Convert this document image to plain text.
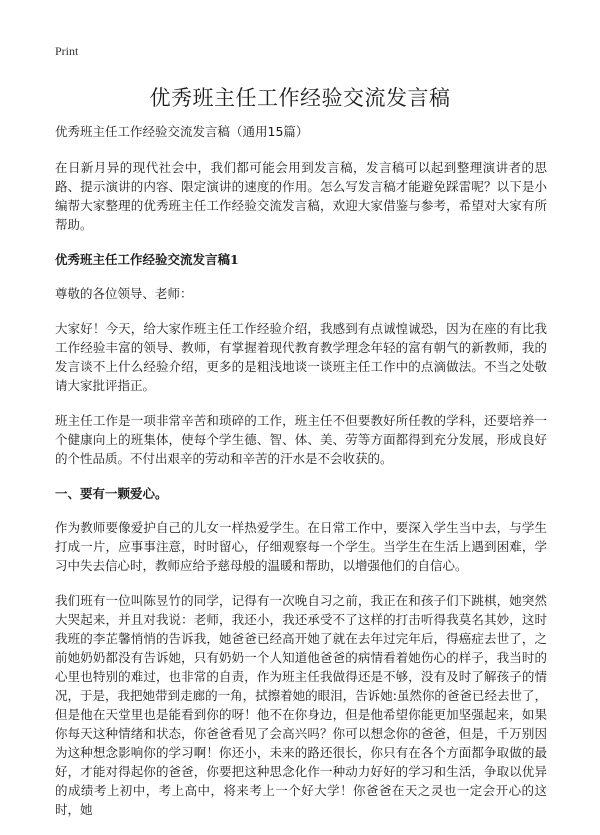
Print
优秀班主任工作经验交流发言稿

优秀班主任工作经验交流发言稿（通用15篇）

在日新月异的现代社会中，我们都可能会用到发言稿，发言稿可以起到整理演讲者的思路、提示演讲的内容、限定演讲的速度的作用。怎么写发言稿才能避免踩雷呢？以下是小编帮大家整理的优秀班主任工作经验交流发言稿，欢迎大家借鉴与参考，希望对大家有所帮助。

优秀班主任工作经验交流发言稿1

尊敬的各位领导、老师：

大家好！今天，给大家作班主任工作经验介绍，我感到有点诚惶诚恐，因为在座的有比我工作经验丰富的领导、教师，有掌握着现代教育教学理念年轻的富有朝气的新教师，我的发言谈不上什么经验介绍，更多的是粗浅地谈一谈班主任工作中的点滴做法。不当之处敬请大家批评指正。

班主任工作是一项非常辛苦和琐碎的工作，班主任不但要教好所任教的学科，还要培养一个健康向上的班集体，使每个学生德、智、体、美、劳等方面都得到充分发展，形成良好的个性品质。不付出艰辛的劳动和辛苦的汗水是不会收获的。

一、要有一颗爱心。

作为教师要像爱护自己的儿女一样热爱学生。在日常工作中，要深入学生当中去，与学生打成一片，应事事注意，时时留心，仔细观察每一个学生。当学生在生活上遇到困难，学习中失去信心时，教师应给予慈母般的温暖和帮助，以增强他们的自信心。

我们班有一位叫陈昱竹的同学，记得有一次晚自习之前，我正在和孩子们下跳棋，她突然大哭起来，并且对我说：老师，我还小，我还承受不了这样的打击听得我莫名其妙，这时我班的李芷馨悄悄的告诉我，她爸爸已经高开她了就在去年过完年后，得癌症去世了，之前她奶奶都没有告诉她，只有奶奶一个人知道他爸爸的病情看着她伤心的样子，我当时的心里也特别的难过，也非常的自责，作为班主任我做得还是不够，没有及时了解孩子的情况，于是，我把她带到走廊的一角，拭擦着她的眼泪，告诉她:虽然你的爸爸已经去世了，但是他在天堂里也是能看到你的呀！他不在你身边，但是他希望你能更加坚强起来，如果你每天这种情绪和状态，你爸爸看见了会高兴吗？你可以想念你的爸爸，但是，千万别因为这种想念影响你的学习啊！你还小，未来的路还很长，你只有在各个方面都争取做的最好，才能对得起你的爸爸，你要把这种思念化作一种动力好好的学习和生活，争取以优异的成绩考上初中，考上高中，将来考上一个好大学！你爸爸在天之灵也一定会开心的这时，她
